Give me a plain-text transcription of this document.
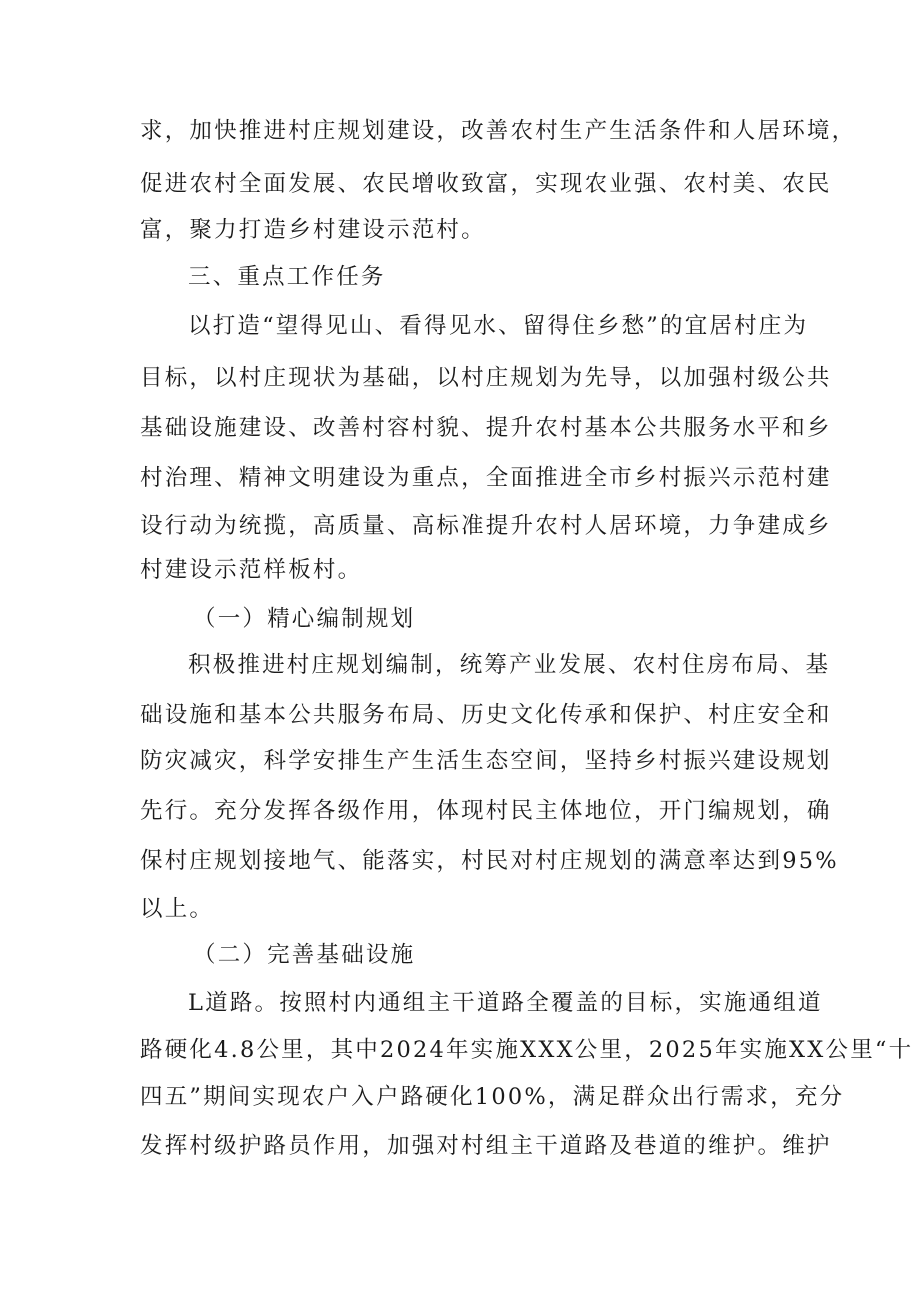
求，加快推进村庄规划建设，改善农村生产生活条件和人居环境，
促进农村全面发展、农民增收致富，实现农业强、农村美、农民
富，聚力打造乡村建设示范村。
三、重点工作任务
以打造“望得见山、看得见水、留得住乡愁”的宜居村庄为
目标，以村庄现状为基础，以村庄规划为先导，以加强村级公共
基础设施建设、改善村容村貌、提升农村基本公共服务水平和乡
村治理、精神文明建设为重点，全面推进全市乡村振兴示范村建
设行动为统揽，高质量、高标准提升农村人居环境，力争建成乡
村建设示范样板村。
（一）精心编制规划
积极推进村庄规划编制，统筹产业发展、农村住房布局、基
础设施和基本公共服务布局、历史文化传承和保护、村庄安全和
防灾减灾，科学安排生产生活生态空间，坚持乡村振兴建设规划
先行。充分发挥各级作用，体现村民主体地位，开门编规划，确
保村庄规划接地气、能落实，村民对村庄规划的满意率达到95%
以上。
（二）完善基础设施
L道路。按照村内通组主干道路全覆盖的目标，实施通组道
路硬化4.8公里，其中2024年实施XXX公里，2025年实施XX公里“十
四五”期间实现农户入户路硬化100%，满足群众出行需求，充分
发挥村级护路员作用，加强对村组主干道路及巷道的维护。维护
